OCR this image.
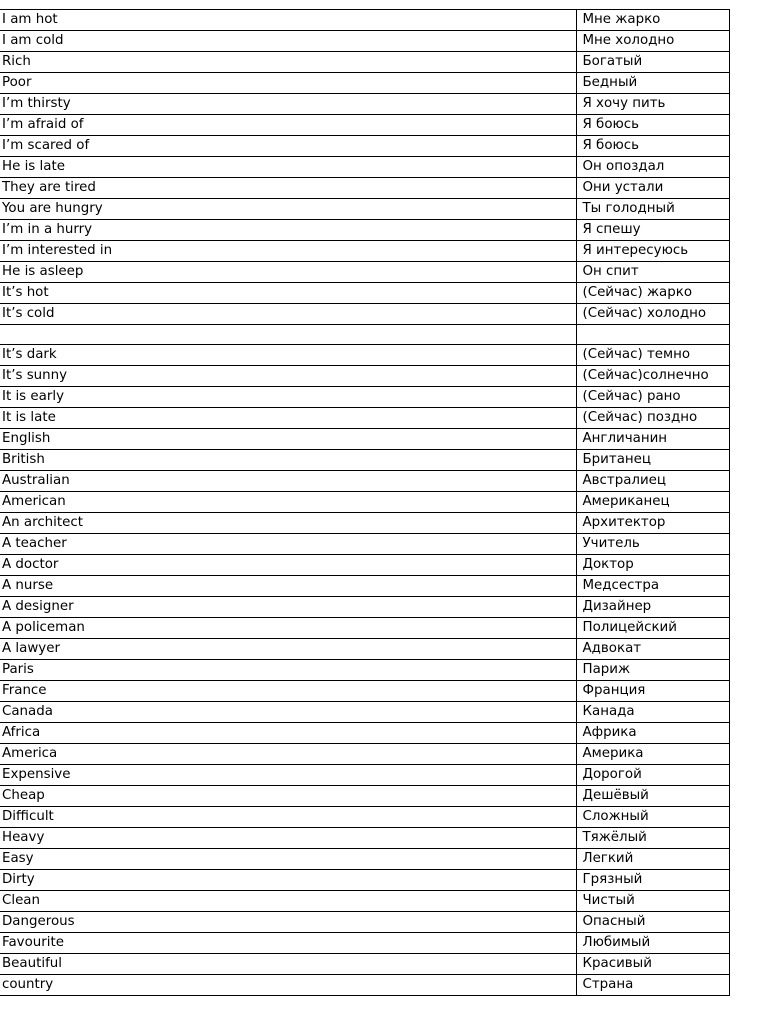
I am hot	Мне жарко
I am cold	Мне холодно
Rich	Богатый
Poor	Бедный
I’m thirsty	Я хочу пить
I’m afraid of	Я боюсь
I’m scared of	Я боюсь
He is late	Он опоздал
They are tired	Они устали
You are hungry	Ты голодный
I’m in a hurry	Я спешу
I’m interested in	Я интересуюсь
He is asleep	Он спит
It’s hot	(Сейчас) жарко
It’s cold	(Сейчас) холодно

It’s dark	(Сейчас) темно
It’s sunny	(Сейчас)солнечно
It is early	(Сейчас) рано
It is late	(Сейчас) поздно
English	Англичанин
British	Британец
Australian	Австралиец
American	Американец
An architect	Архитектор
A teacher	Учитель
A doctor	Доктор
A nurse	Медсестра
A designer	Дизайнер
A policeman	Полицейский
A lawyer	Адвокат
Paris	Париж
France	Франция
Canada	Канада
Africa	Африка
America	Америка
Expensive	Дорогой
Cheap	Дешёвый
Difficult	Сложный
Heavy	Тяжёлый
Easy	Легкий
Dirty	Грязный
Clean	Чистый
Dangerous	Опасный
Favourite	Любимый
Beautiful	Красивый
country	Страна
